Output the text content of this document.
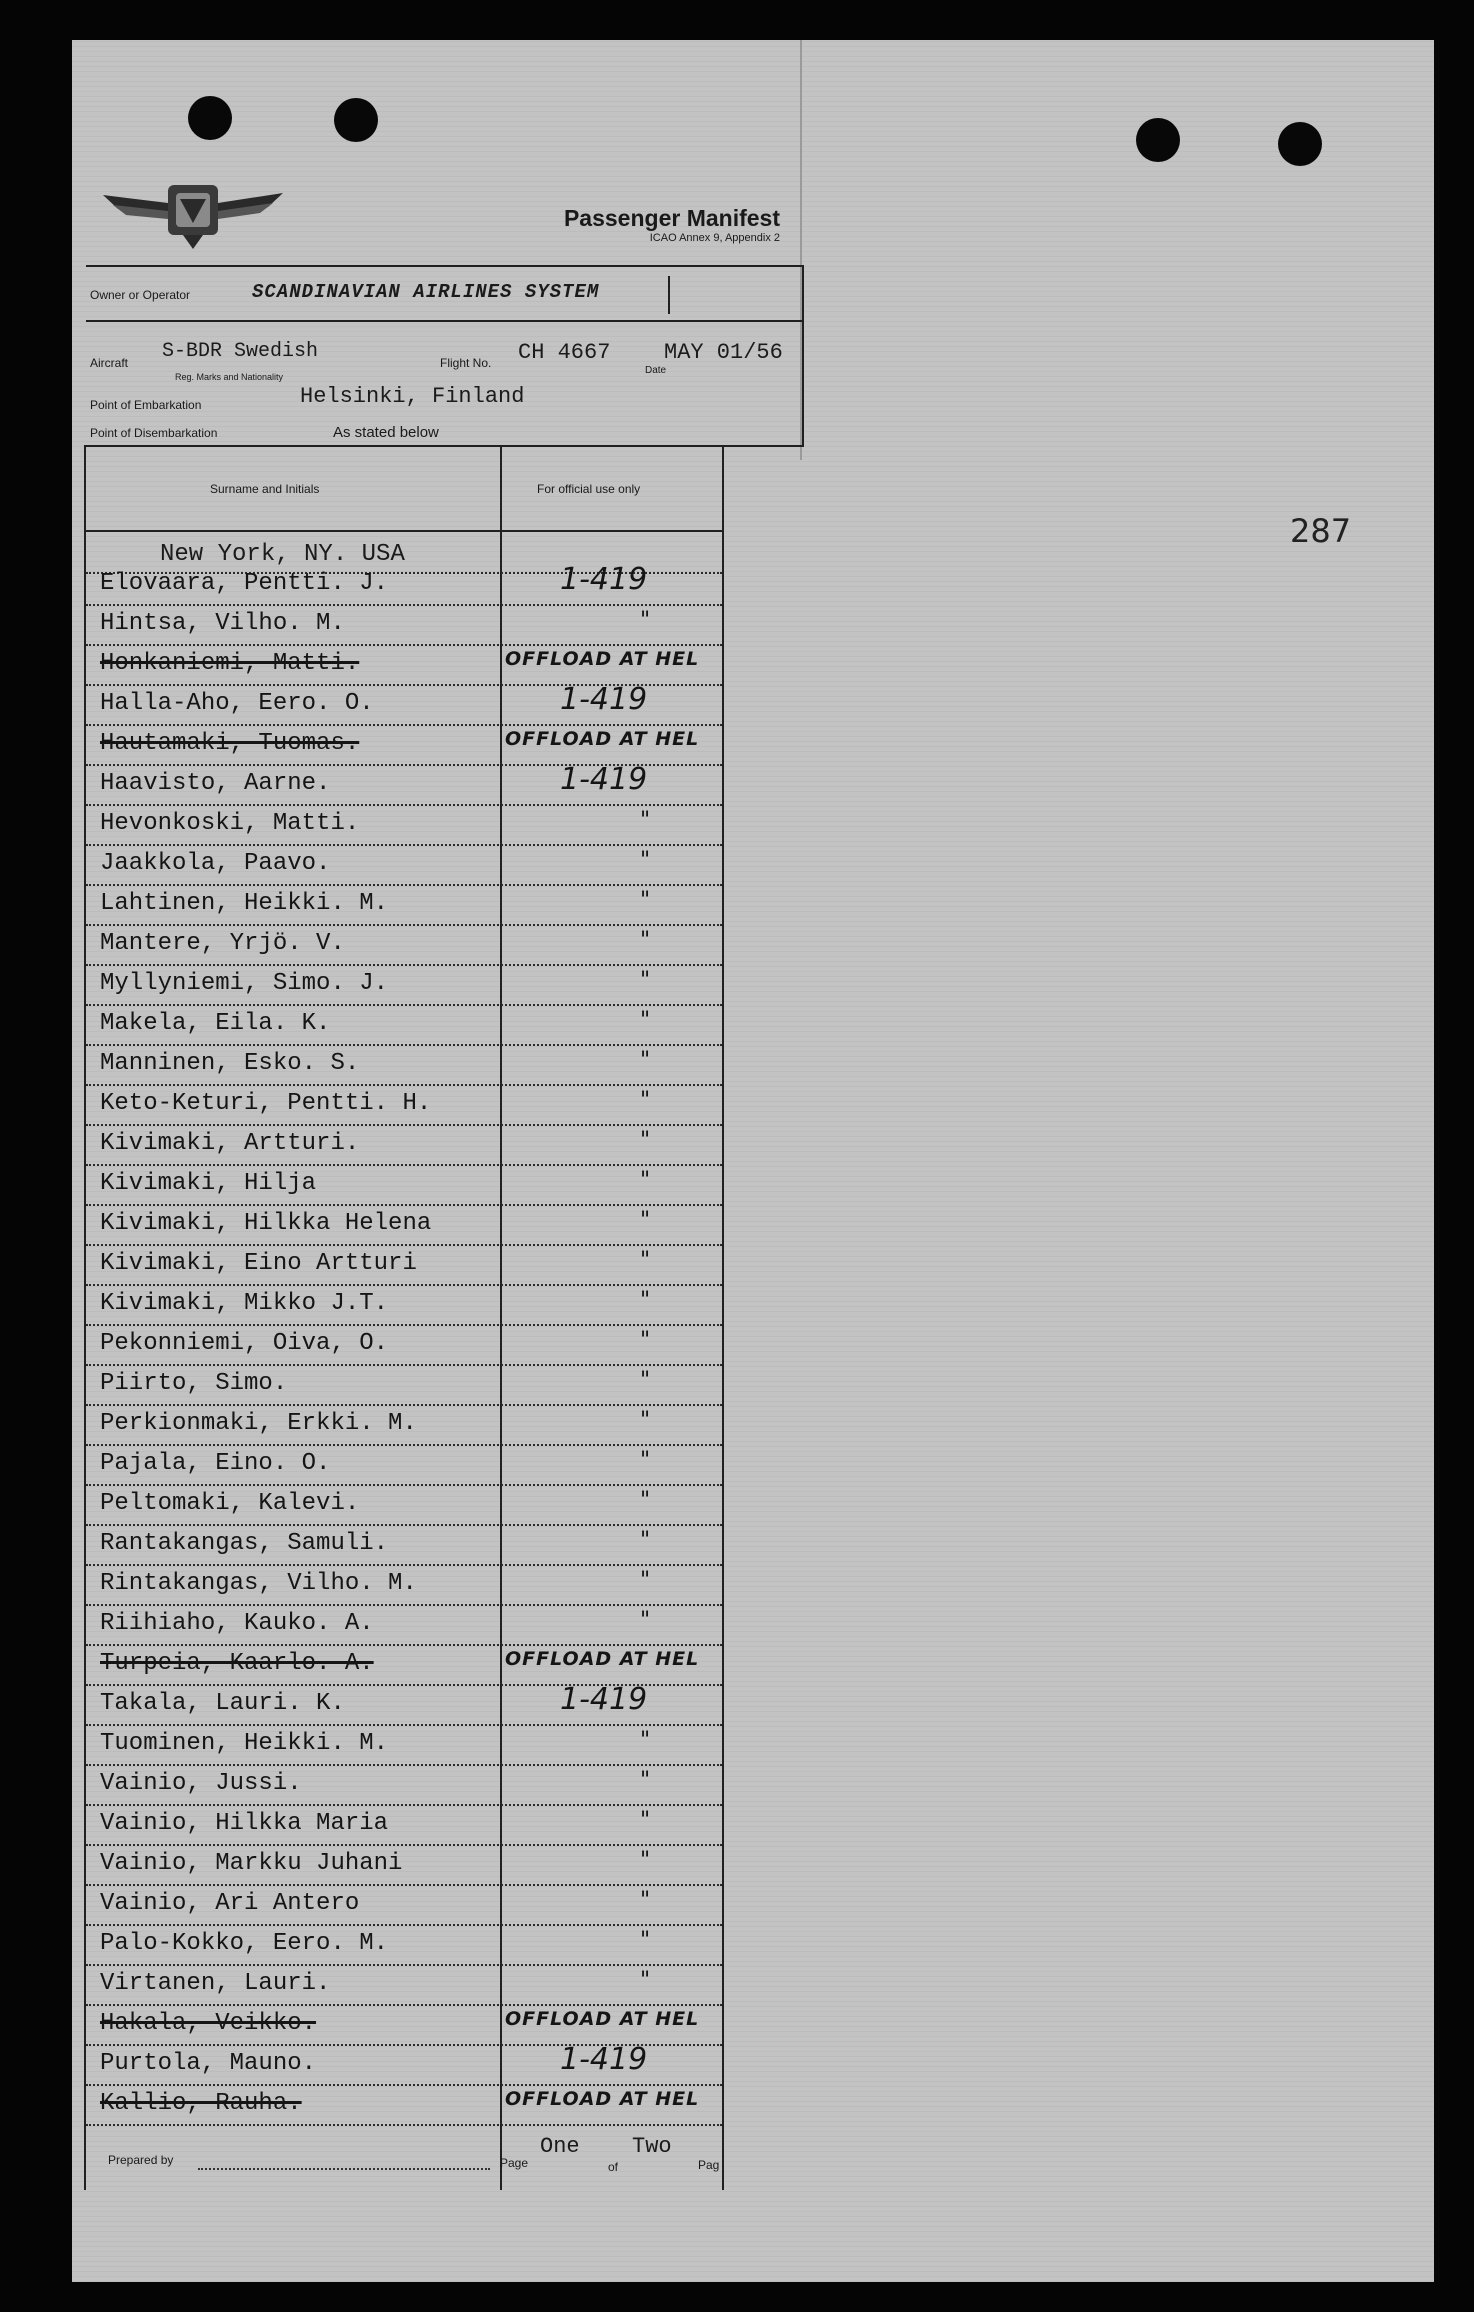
Passenger Manifest
ICAO Annex 9, Appendix 2
Owner or Operator	SCANDINAVIAN AIRLINES SYSTEM
Aircraft S-BDR Swedish
Reg. Marks and Nationality
Flight No. CH 4667
Date
MAY 01/56
Point of Embarkation	Helsinki, Finland
Point of Disembarkation	As stated below
Surname and Initials	For official use only
New York, NY. USA
287
Elovaara, Pentti. J.	1-419
Hintsa, Vilho. M.	"
Honkaniemi, Matti.	OFFLOAD AT HEL
Halla-Aho, Eero. O.	1-419
Hautamaki, Tuomas.	OFFLOAD AT HEL
Haavisto, Aarne.	1-419
Hevonkoski, Matti.	"
Jaakkola, Paavo.	"
Lahtinen, Heikki. M.	"
Mantere, Yrjö. V.	"
Myllyniemi, Simo. J.	"
Makela, Eila. K.	"
Manninen, Esko. S.	"
Keto-Keturi, Pentti. H.	"
Kivimaki, Artturi.	"
Kivimaki, Hilja	"
Kivimaki, Hilkka Helena	"
Kivimaki, Eino Artturi	"
Kivimaki, Mikko J.T.	"
Pekonniemi, Oiva, O.	"
Piirto, Simo.	"
Perkionmaki, Erkki. M.	"
Pajala, Eino. O.	"
Peltomaki, Kalevi.	"
Rantakangas, Samuli.	"
Rintakangas, Vilho. M.	"
Riihiaho, Kauko. A.	"
Turpeia, Kaarlo. A.	OFFLOAD AT HEL
Takala, Lauri. K.	1-419
Tuominen, Heikki. M.	"
Vainio, Jussi.	"
Vainio, Hilkka Maria	"
Vainio, Markku Juhani	"
Vainio, Ari Antero	"
Palo-Kokko, Eero. M.	"
Virtanen, Lauri.	"
Hakala, Veikko.	OFFLOAD AT HEL
Purtola, Mauno.	1-419
Kallio, Rauha.	OFFLOAD AT HEL
Prepared by	Page
One
of
Two
Pag
